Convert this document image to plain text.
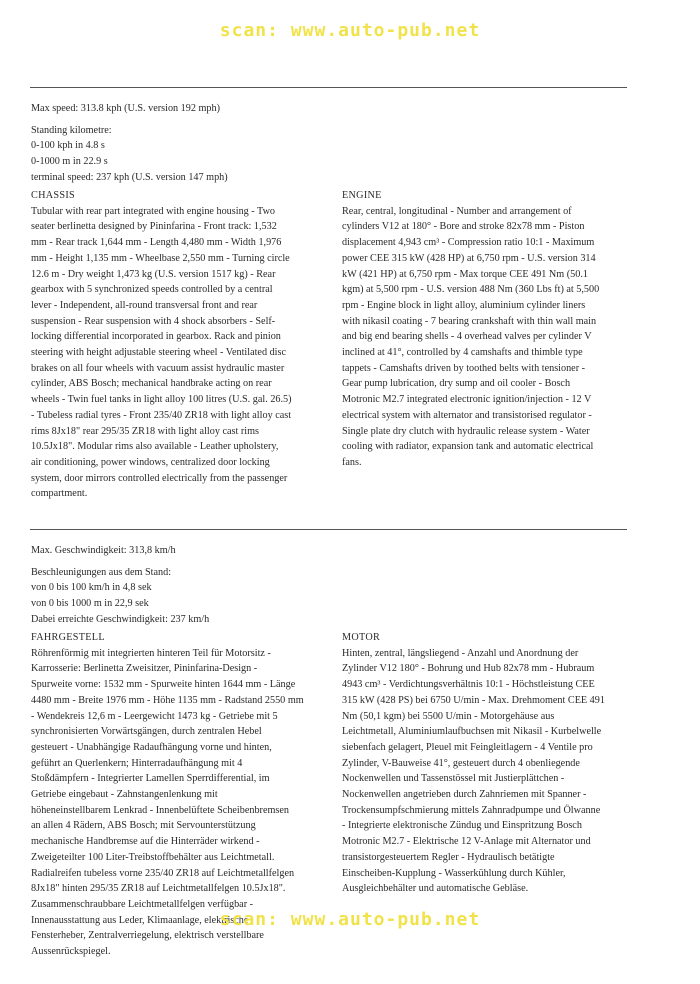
scan: www.auto-pub.net

Max speed: 313.8 kph (U.S. version 192 mph)
Standing kilometre:
0-100 kph in 4.8 s
0-1000 m in 22.9 s
terminal speed: 237 kph (U.S. version 147 mph)
CHASSIS
Tubular with rear part integrated with engine housing - Two
seater berlinetta designed by Pininfarina - Front track: 1,532
mm - Rear track 1,644 mm - Length 4,480 mm - Width 1,976
mm - Height 1,135 mm - Wheelbase 2,550 mm - Turning circle
12.6 m - Dry weight 1,473 kg (U.S. version 1517 kg) - Rear
gearbox with 5 synchronized speeds controlled by a central
lever - Independent, all-round transversal front and rear
suspension - Rear suspension with 4 shock absorbers - Self-
locking differential incorporated in gearbox. Rack and pinion
steering with height adjustable steering wheel - Ventilated disc
brakes on all four wheels with vacuum assist hydraulic master
cylinder, ABS Bosch; mechanical handbrake acting on rear
wheels - Twin fuel tanks in light alloy 100 litres (U.S. gal. 26.5)
- Tubeless radial tyres - Front 235/40 ZR18 with light alloy cast
rims 8Jx18" rear 295/35 ZR18 with light alloy cast rims
10.5Jx18". Modular rims also available - Leather upholstery,
air conditioning, power windows, centralized door locking
system, door mirrors controlled electrically from the passenger
compartment.
ENGINE
Rear, central, longitudinal - Number and arrangement of
cylinders V12 at 180° - Bore and stroke 82x78 mm - Piston
displacement 4,943 cm³ - Compression ratio 10:1 - Maximum
power CEE 315 kW (428 HP) at 6,750 rpm - U.S. version 314
kW (421 HP) at 6,750 rpm - Max torque CEE 491 Nm (50.1
kgm) at 5,500 rpm - U.S. version 488 Nm (360 Lbs ft) at 5,500
rpm - Engine block in light alloy, aluminium cylinder liners
with nikasil coating - 7 bearing crankshaft with thin wall main
and big end bearing shells - 4 overhead valves per cylinder V
inclined at 41°, controlled by 4 camshafts and thimble type
tappets - Camshafts driven by toothed belts with tensioner -
Gear pump lubrication, dry sump and oil cooler - Bosch
Motronic M2.7 integrated electronic ignition/injection - 12 V
electrical system with alternator and transistorised regulator -
Single plate dry clutch with hydraulic release system - Water
cooling with radiator, expansion tank and automatic electrical
fans.
Max. Geschwindigkeit: 313,8 km/h
Beschleunigungen aus dem Stand:
von 0 bis 100 km/h in 4,8 sek
von 0 bis 1000 m in 22,9 sek
Dabei erreichte Geschwindigkeit: 237 km/h
FAHRGESTELL
Röhrenförmig mit integrierten hinteren Teil für Motorsitz -
Karrosserie: Berlinetta Zweisitzer, Pininfarina-Design -
Spurweite vorne: 1532 mm - Spurweite hinten 1644 mm - Länge
4480 mm - Breite 1976 mm - Höhe 1135 mm - Radstand 2550 mm
- Wendekreis 12,6 m - Leergewicht 1473 kg - Getriebe mit 5
synchronisierten Vorwärtsgängen, durch zentralen Hebel
gesteuert - Unabhängige Radaufhängung vorne und hinten,
geführt an Querlenkern; Hinterradaufhängung mit 4
Stoßdämpfern - Integrierter Lamellen Sperrdifferential, im
Getriebe eingebaut - Zahnstangenlenkung mit
höheneinstellbarem Lenkrad - Innenbelüftete Scheibenbremsen
an allen 4 Rädern, ABS Bosch; mit Servounterstützung
mechanische Handbremse auf die Hinterräder wirkend -
Zweigeteilter 100 Liter-Treibstoffbehälter aus Leichtmetall.
Radialreifen tubeless vorne 235/40 ZR18 auf Leichtmetallfelgen
8Jx18" hinten 295/35 ZR18 auf Leichtmetallfelgen 10.5Jx18".
Zusammenschraubbare Leichtmetallfelgen verfügbar -
Innenausstattung aus Leder, Klimaanlage, elektrische
Fensterheber, Zentralverriegelung, elektrisch verstellbare
Aussenrückspiegel.
MOTOR
Hinten, zentral, längsliegend - Anzahl und Anordnung der
Zylinder V12 180° - Bohrung und Hub 82x78 mm - Hubraum
4943 cm³ - Verdichtungsverhältnis 10:1 - Höchstleistung CEE
315 kW (428 PS) bei 6750 U/min - Max. Drehmoment CEE 491
Nm (50,1 kgm) bei 5500 U/min - Motorgehäuse aus
Leichtmetall, Aluminiumlaufbuchsen mit Nikasil - Kurbelwelle
siebenfach gelagert, Pleuel mit Feingleitlagern - 4 Ventile pro
Zylinder, V-Bauweise 41°, gesteuert durch 4 obenliegende
Nockenwellen und Tassenstössel mit Justierplättchen -
Nockenwellen angetrieben durch Zahnriemen mit Spanner -
Trockensumpfschmierung mittels Zahnradpumpe und Ölwanne
- Integrierte elektronische Zündug und Einspritzung Bosch
Motronic M2.7 - Elektrische 12 V-Anlage mit Alternator und
transistorgesteuertem Regler - Hydraulisch betätigte
Einscheiben-Kupplung - Wasserkühlung durch Kühler,
Ausgleichbehälter und automatische Gebläse.

scan: www.auto-pub.net
